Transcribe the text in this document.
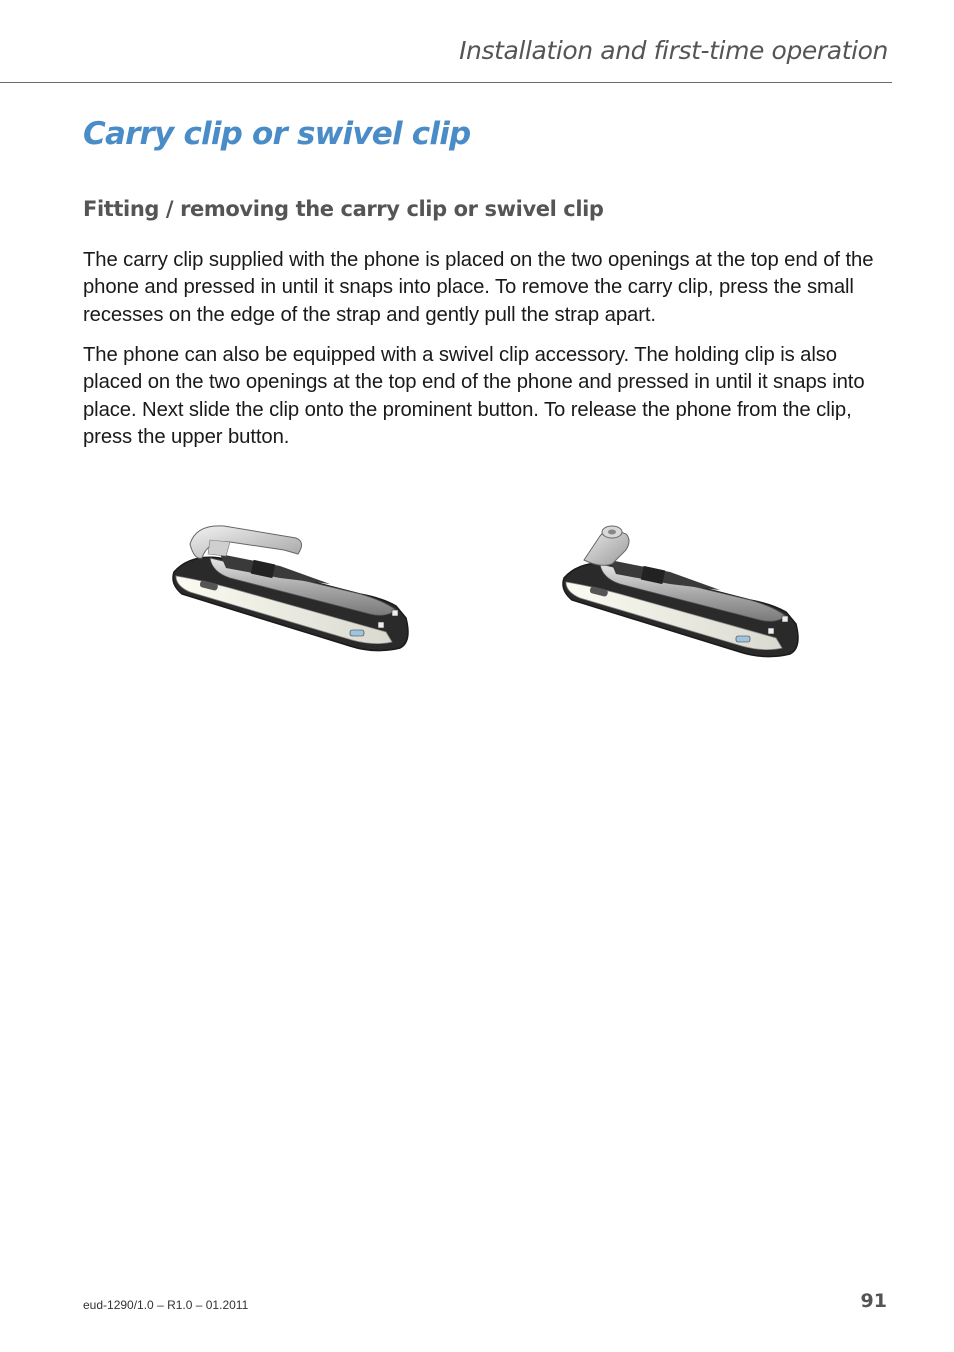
Installation and first-time operation
Carry clip or swivel clip
Fitting / removing the carry clip or swivel clip

The carry clip supplied with the phone is placed on the two openings at the top end of the phone and pressed in until it snaps into place. To remove the carry clip, press the small recesses on the edge of the strap and gently pull the strap apart.

The phone can also be equipped with a swivel clip accessory. The holding clip is also placed on the two openings at the top end of the phone and pressed in until it snaps into place. Next slide the clip onto the prominent button. To release the phone from the clip, press the upper button.

eud-1290/1.0 – R1.0 – 01.2011	91
